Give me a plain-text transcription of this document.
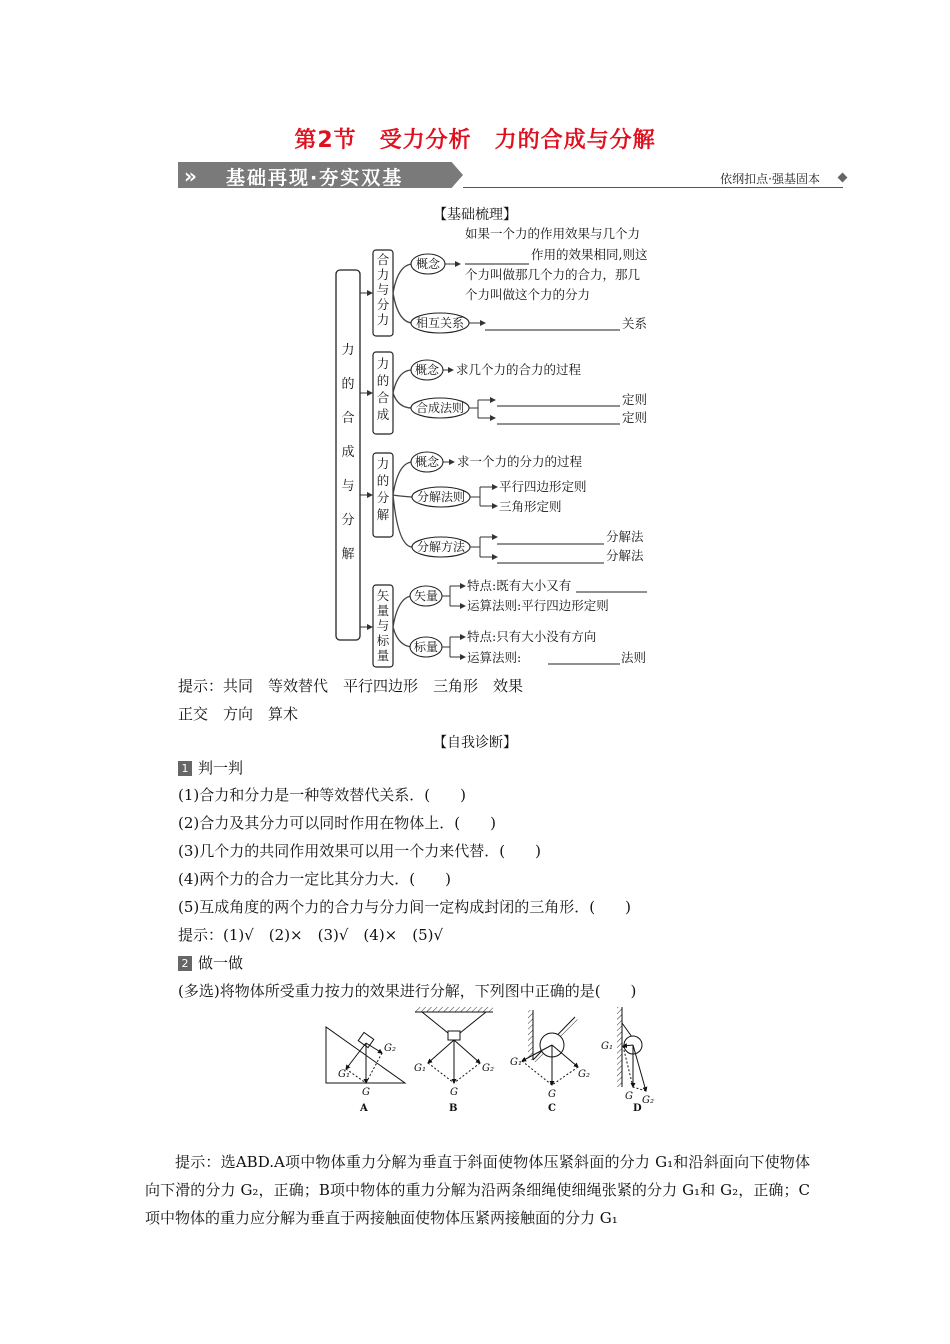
第2节　受力分析　力的合成与分解
» 基础再现·夯实双基	依纲扣点·强基固本
【基础梳理】
力
的
合
成
与
分
解
合
力
与
分
力
力
的
合
成
力
的
分
解
矢
量
与
标
量
概念
相互关系
概念
合成法则
概念
分解法则
分解方法
矢量
标量
如果一个力的作用效果与几个力
作用的效果相同,则这
个力叫做那几个力的合力，那几
个力叫做这个力的分力
关系
求几个力的合力的过程
定则
定则
求一个力的分力的过程
平行四边形定则
三角形定则
分解法
分解法
特点:既有大小又有
运算法则:平行四边形定则
特点:只有大小没有方向
运算法则:	法则
提示：共同　等效替代　平行四边形　三角形　效果
正交　方向　算术
【自我诊断】
1 判一判
(1)合力和分力是一种等效替代关系．(　　)
(2)合力及其分力可以同时作用在物体上．(　　)
(3)几个力的共同作用效果可以用一个力来代替．(　　)
(4)两个力的合力一定比其分力大．(　　)
(5)互成角度的两个力的合力与分力间一定构成封闭的三角形．(　　)
提示：(1)√　(2)×　(3)√　(4)×　(5)√
2 做一做
(多选)将物体所受重力按力的效果进行分解，下列图中正确的是(　　)
A	B	C	D
G₁
G
G₂
G₁
G
G₂
G₁
G
G₂
G₁
G G₂
提示：选ABD.A项中物体重力分解为垂直于斜面使物体压紧斜面的分力 G₁和沿斜面向下使物体向下滑的分力 G₂，正确；B项中物体的重力分解为沿两条细绳使细绳张紧的分力 G₁和 G₂，正确；C项中物体的重力应分解为垂直于两接触面使物体压紧两接触面的分力 G₁
